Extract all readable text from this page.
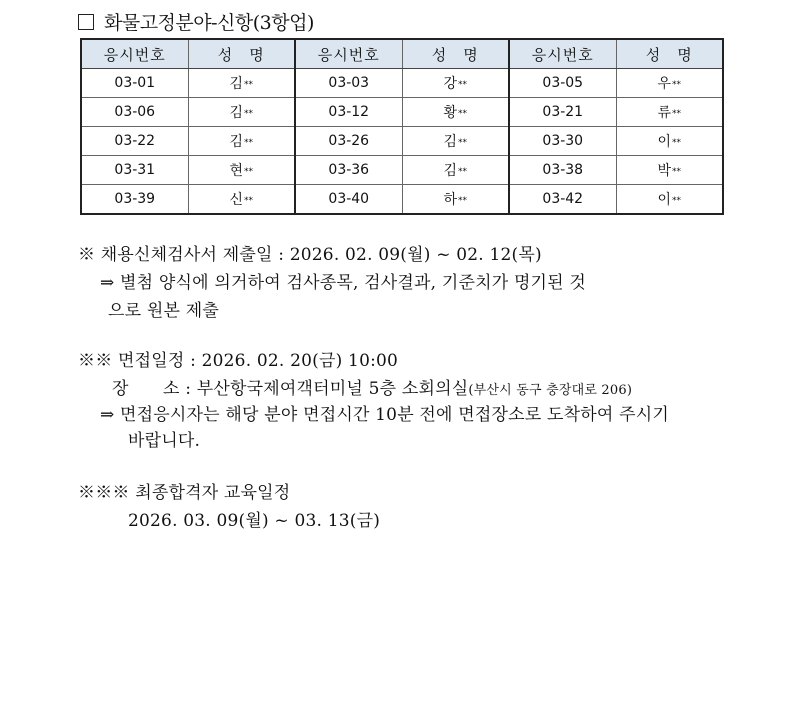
화물고정분야-신항(3항업)
응시번호	성　명	응시번호	성　명	응시번호	성　명
03-01	김**	03-03	강**	03-05	우**
03-06	김**	03-12	황**	03-21	류**
03-22	김**	03-26	김**	03-30	이**
03-31	현**	03-36	김**	03-38	박**
03-39	신**	03-40	하**	03-42	이**
※ 채용신체검사서 제출일 : 2026. 02. 09(월) ~ 02. 12(목)
⇒ 별첨 양식에 의거하여 검사종목, 검사결과, 기준치가 명기된 것
으로 원본 제출
※※ 면접일정 : 2026. 02. 20(금) 10:00
장　　소 : 부산항국제여객터미널 5층 소회의실(부산시 동구 충장대로 206)
⇒ 면접응시자는 해당 분야 면접시간 10분 전에 면접장소로 도착하여 주시기
바랍니다.
※※※ 최종합격자 교육일정
2026. 03. 09(월) ~ 03. 13(금)
